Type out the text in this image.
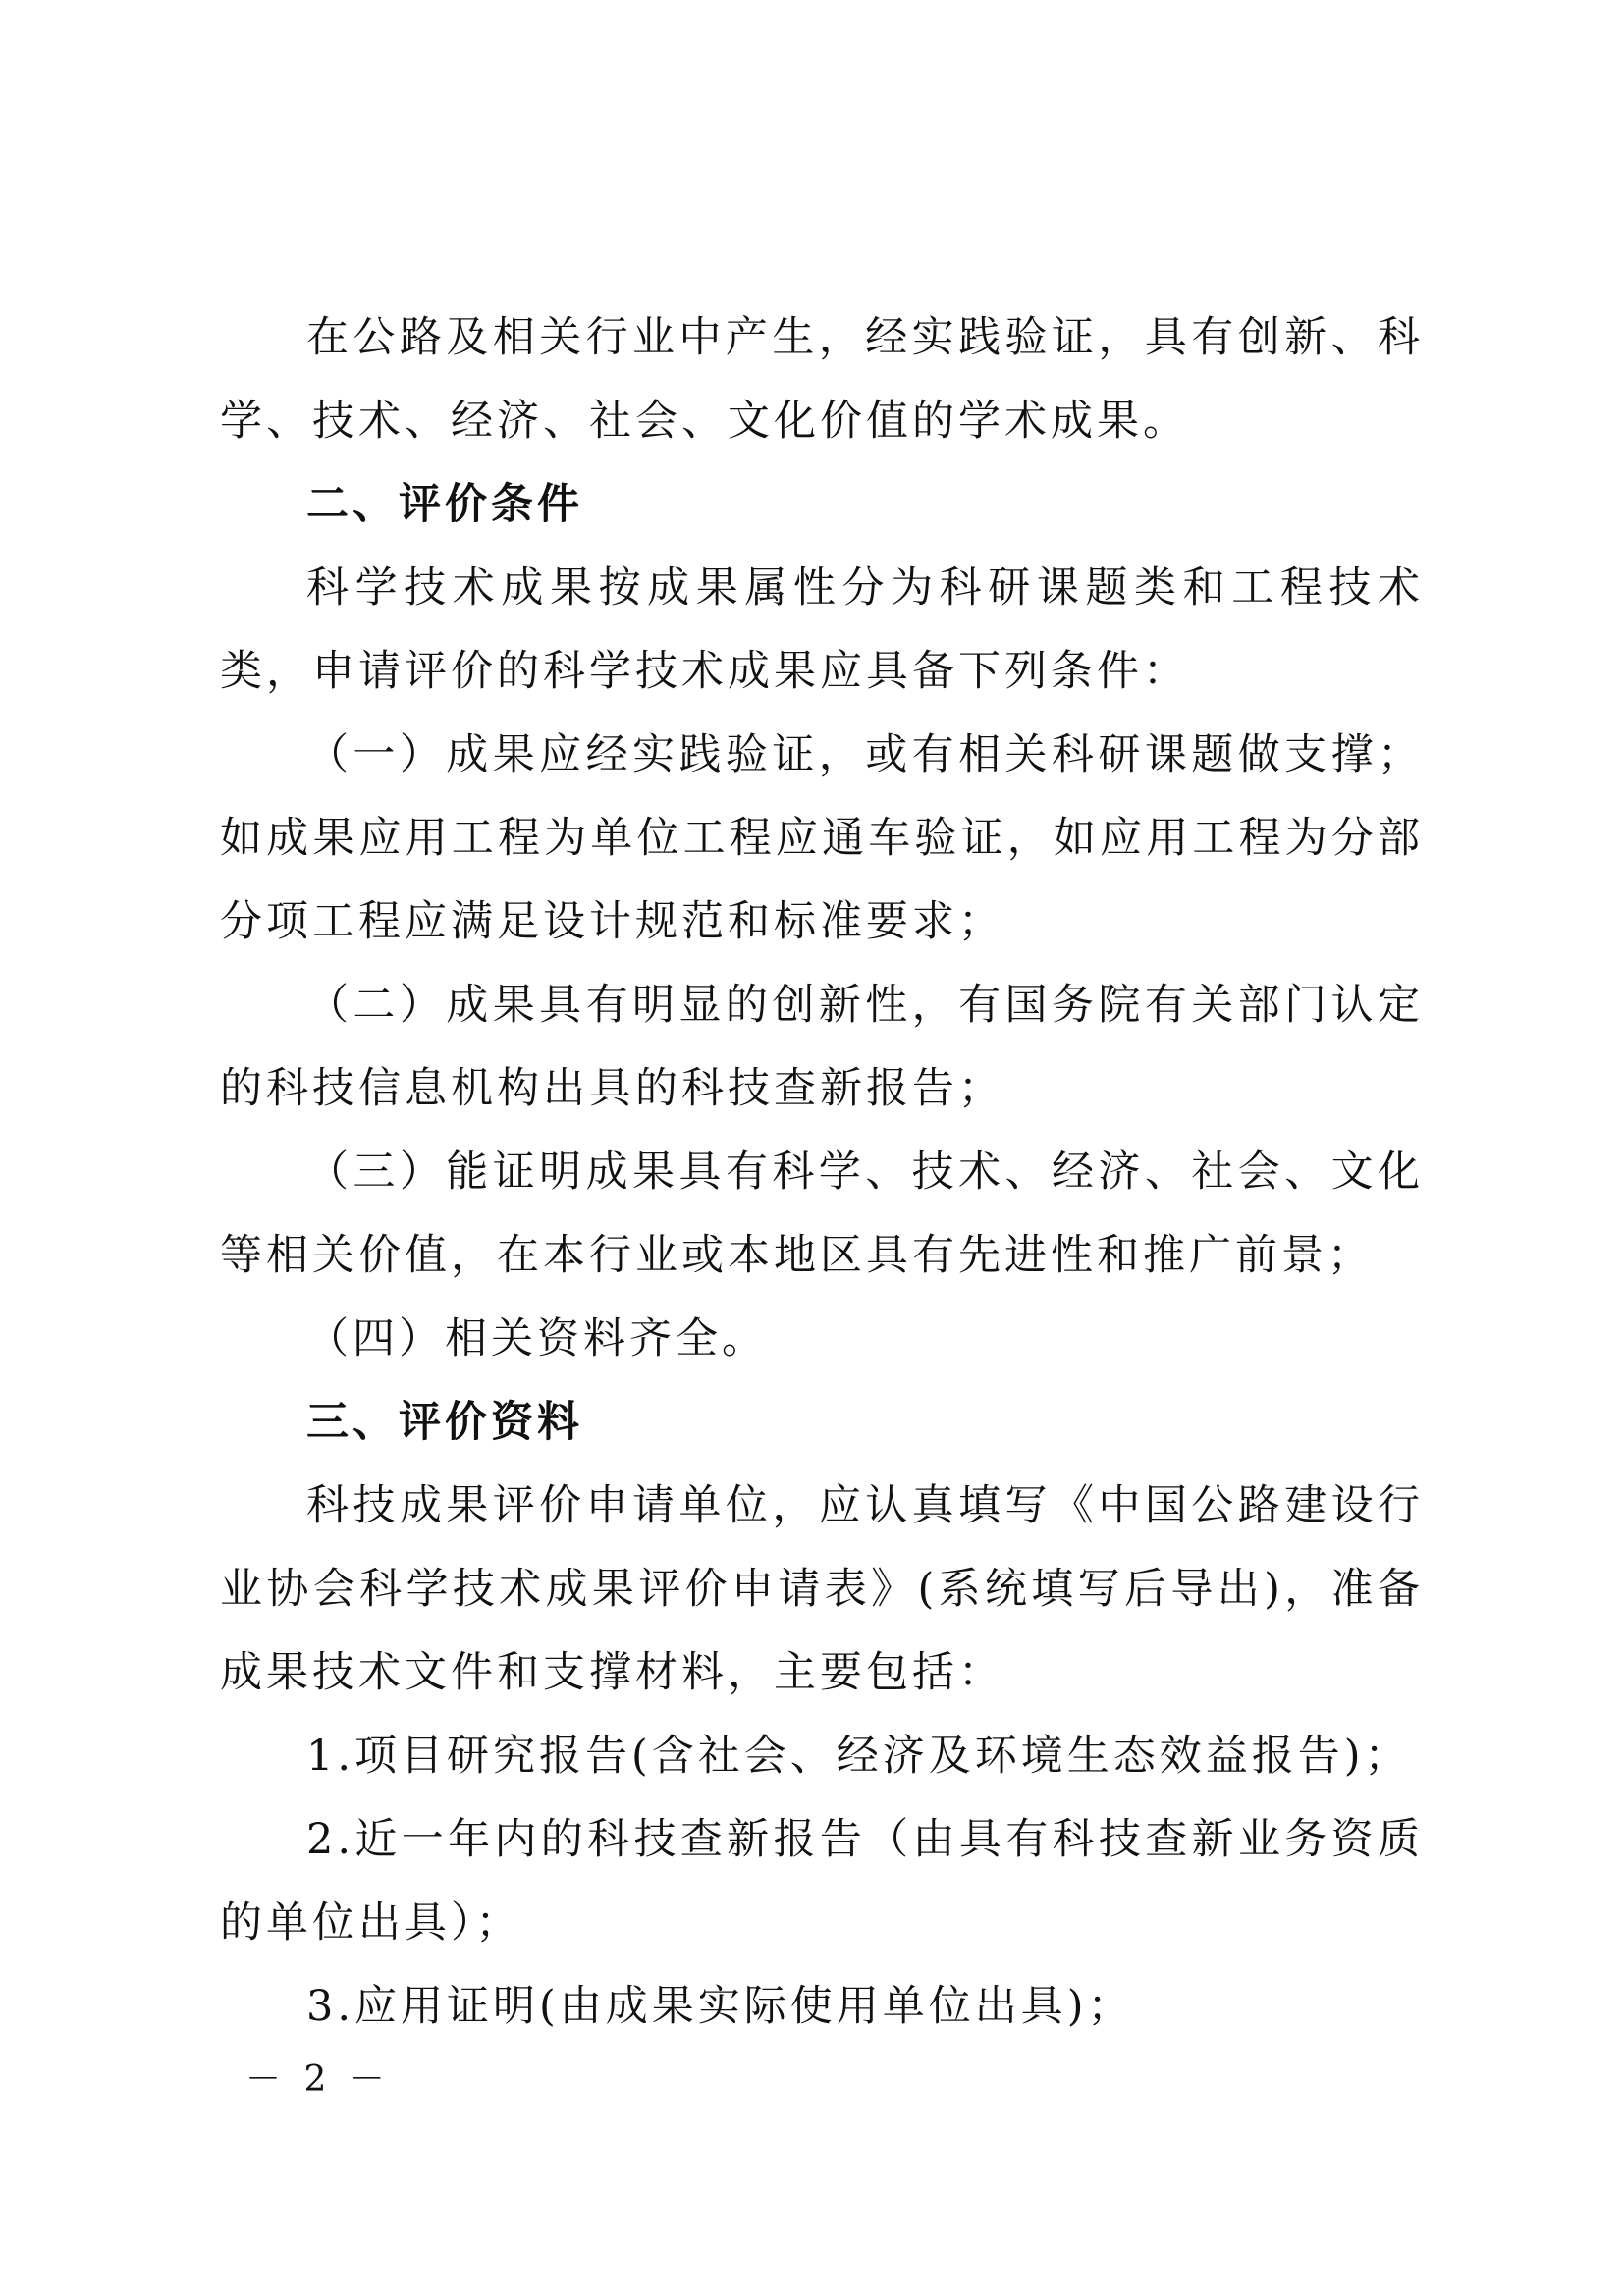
在公路及相关行业中产生，经实践验证，具有创新、科学、技术、经济、社会、文化价值的学术成果。

二、评价条件

科学技术成果按成果属性分为科研课题类和工程技术类，申请评价的科学技术成果应具备下列条件：

（一）成果应经实践验证，或有相关科研课题做支撑；如成果应用工程为单位工程应通车验证，如应用工程为分部分项工程应满足设计规范和标准要求；

（二）成果具有明显的创新性，有国务院有关部门认定的科技信息机构出具的科技查新报告；

（三）能证明成果具有科学、技术、经济、社会、文化等相关价值，在本行业或本地区具有先进性和推广前景；

（四）相关资料齐全。

三、评价资料

科技成果评价申请单位，应认真填写《中国公路建设行业协会科学技术成果评价申请表》(系统填写后导出)，准备成果技术文件和支撑材料，主要包括：

1.项目研究报告(含社会、经济及环境生态效益报告)；

2.近一年内的科技查新报告（由具有科技查新业务资质的单位出具）；

3.应用证明(由成果实际使用单位出具)；

－ 2 －
